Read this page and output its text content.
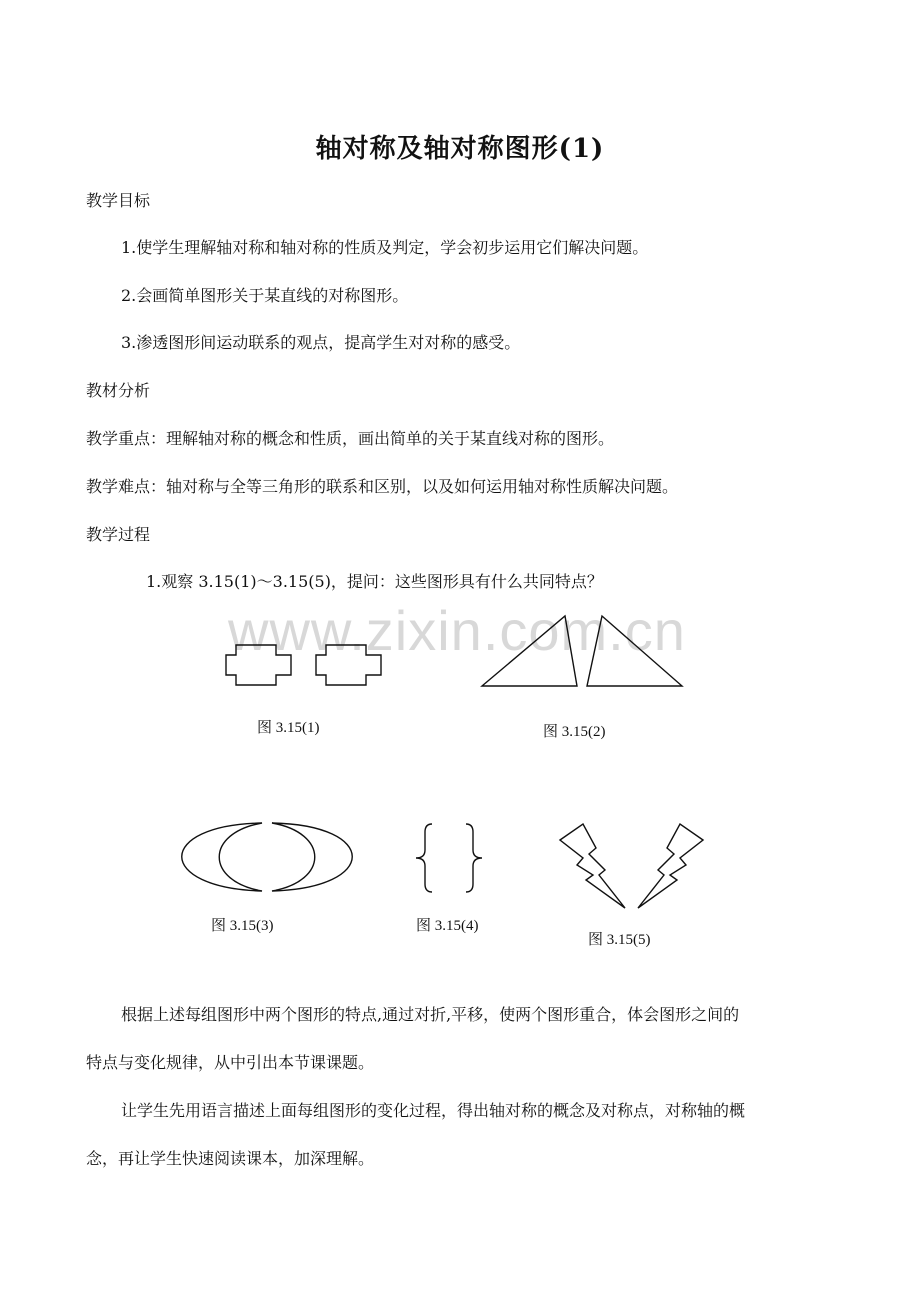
www.zixin.com.cn
轴对称及轴对称图形(1)
教学目标
1.使学生理解轴对称和轴对称的性质及判定，学会初步运用它们解决问题。
2.会画简单图形关于某直线的对称图形。
3.渗透图形间运动联系的观点，提高学生对对称的感受。
教材分析
教学重点：理解轴对称的概念和性质，画出简单的关于某直线对称的图形。
教学难点：轴对称与全等三角形的联系和区别，以及如何运用轴对称性质解决问题。
教学过程
1.观察 3.15(1)～3.15(5)，提问：这些图形具有什么共同特点？
图 3.15(1)	图 3.15(2)
图 3.15(3)	图 3.15(4)
图 3.15(5)
根据上述每组图形中两个图形的特点,通过对折,平移，使两个图形重合，体会图形之间的
特点与变化规律，从中引出本节课课题。
让学生先用语言描述上面每组图形的变化过程，得出轴对称的概念及对称点，对称轴的概
念，再让学生快速阅读课本，加深理解。
